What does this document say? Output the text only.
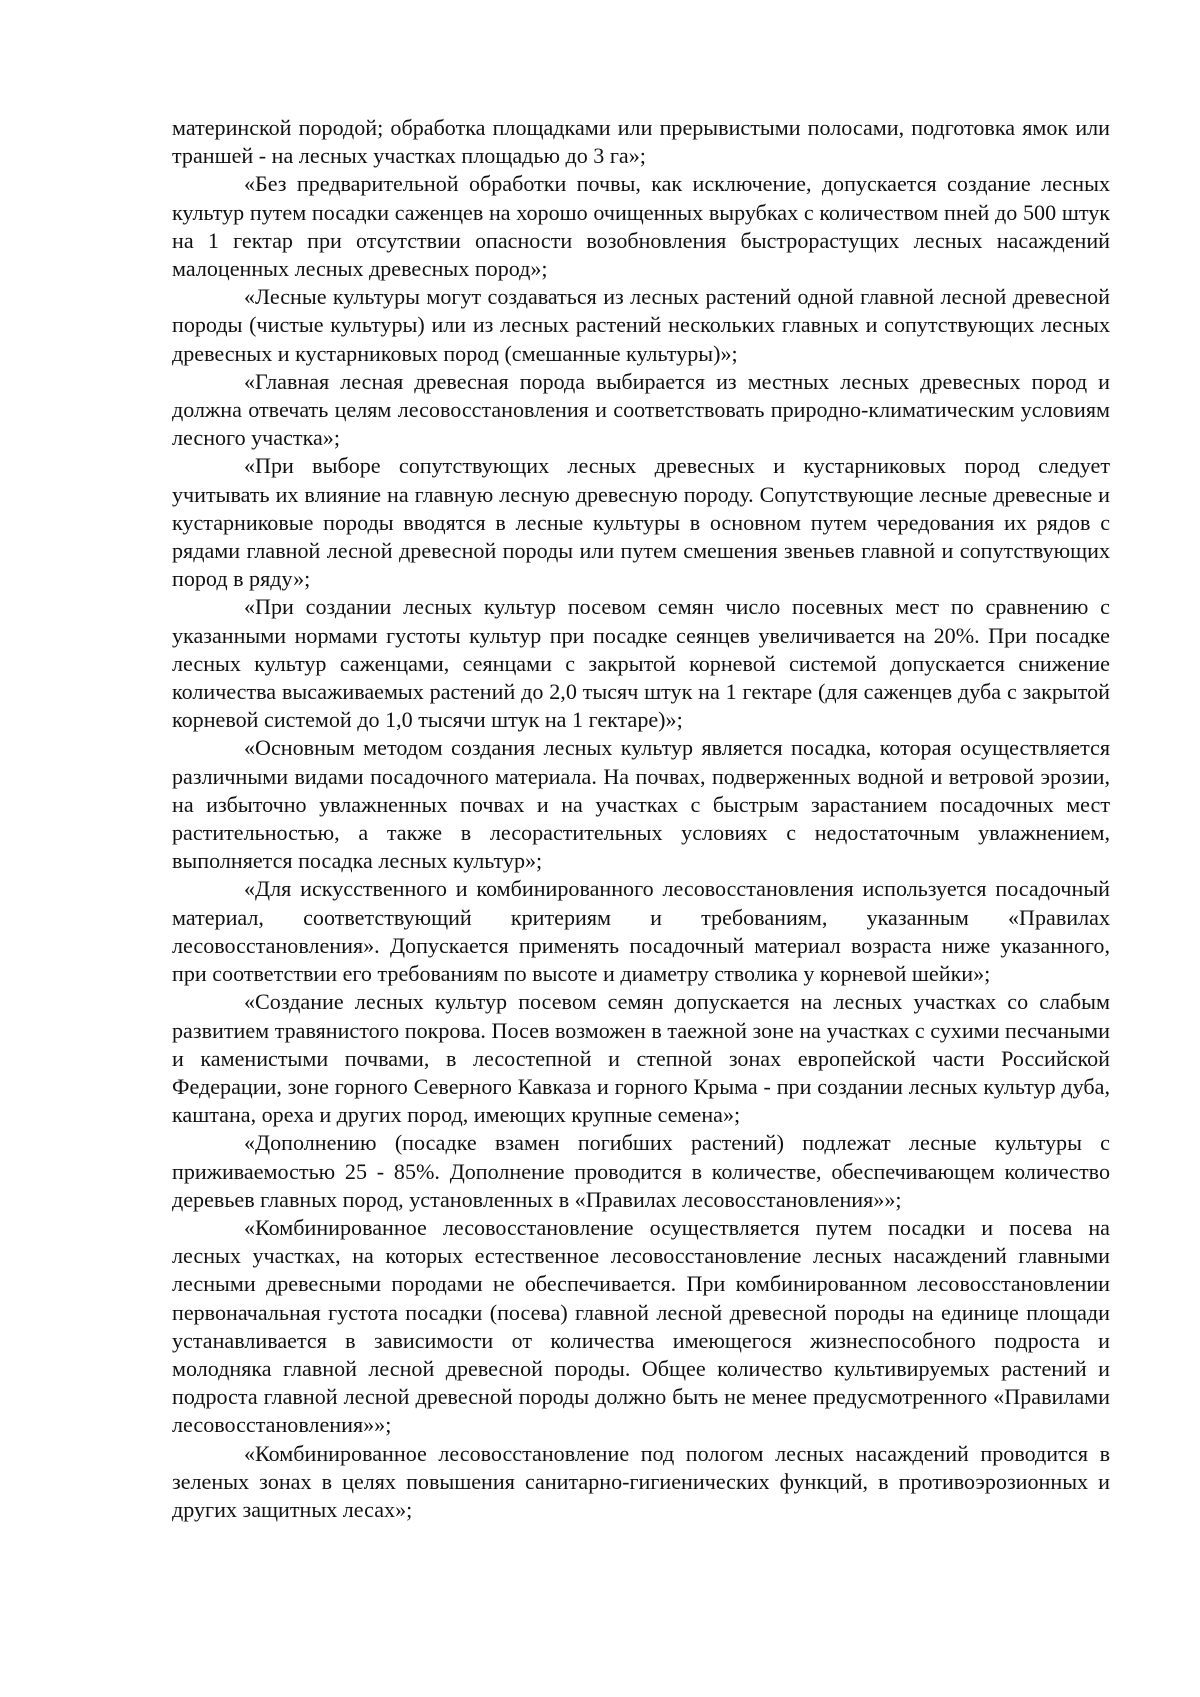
материнской породой; обработка площадками или прерывистыми полосами, подготовка ямок или траншей - на лесных участках площадью до 3 га»;

«Без предварительной обработки почвы, как исключение, допускается создание лесных культур путем посадки саженцев на хорошо очищенных вырубках с количеством пней до 500 штук на 1 гектар при отсутствии опасности возобновления быстрорастущих лесных насаждений малоценных лесных древесных пород»;

«Лесные культуры могут создаваться из лесных растений одной главной лесной древесной породы (чистые культуры) или из лесных растений нескольких главных и сопутствующих лесных древесных и кустарниковых пород (смешанные культуры)»;

«Главная лесная древесная порода выбирается из местных лесных древесных пород и должна отвечать целям лесовосстановления и соответствовать природно-климатическим условиям лесного участка»;

«При выборе сопутствующих лесных древесных и кустарниковых пород следует учитывать их влияние на главную лесную древесную породу. Сопутствующие лесные древесные и кустарниковые породы вводятся в лесные культуры в основном путем чередования их рядов с рядами главной лесной древесной породы или путем смешения звеньев главной и сопутствующих пород в ряду»;

«При создании лесных культур посевом семян число посевных мест по сравнению с указанными нормами густоты культур при посадке сеянцев увеличивается на 20%. При посадке лесных культур саженцами, сеянцами с закрытой корневой системой допускается снижение количества высаживаемых растений до 2,0 тысяч штук на 1 гектаре (для саженцев дуба с закрытой корневой системой до 1,0 тысячи штук на 1 гектаре)»;

«Основным методом создания лесных культур является посадка, которая осуществляется различными видами посадочного материала. На почвах, подверженных водной и ветровой эрозии, на избыточно увлажненных почвах и на участках с быстрым зарастанием посадочных мест растительностью, а также в лесорастительных условиях с недостаточным увлажнением, выполняется посадка лесных культур»;

«Для искусственного и комбинированного лесовосстановления используется посадочный материал, соответствующий критериям и требованиям, указанным «Правилах лесовосстановления». Допускается применять посадочный материал возраста ниже указанного, при соответствии его требованиям по высоте и диаметру стволика у корневой шейки»;

«Создание лесных культур посевом семян допускается на лесных участках со слабым развитием травянистого покрова. Посев возможен в таежной зоне на участках с сухими песчаными и каменистыми почвами, в лесостепной и степной зонах европейской части Российской Федерации, зоне горного Северного Кавказа и горного Крыма - при создании лесных культур дуба, каштана, ореха и других пород, имеющих крупные семена»;

«Дополнению (посадке взамен погибших растений) подлежат лесные культуры с приживаемостью 25 - 85%. Дополнение проводится в количестве, обеспечивающем количество деревьев главных пород, установленных в «Правилах лесовосстановления»»;

«Комбинированное лесовосстановление осуществляется путем посадки и посева на лесных участках, на которых естественное лесовосстановление лесных насаждений главными лесными древесными породами не обеспечивается. При комбинированном лесовосстановлении первоначальная густота посадки (посева) главной лесной древесной породы на единице площади устанавливается в зависимости от количества имеющегося жизнеспособного подроста и молодняка главной лесной древесной породы. Общее количество культивируемых растений и подроста главной лесной древесной породы должно быть не менее предусмотренного «Правилами лесовосстановления»»;

«Комбинированное лесовосстановление под пологом лесных насаждений проводится в зеленых зонах в целях повышения санитарно-гигиенических функций, в противоэрозионных и других защитных лесах»;
